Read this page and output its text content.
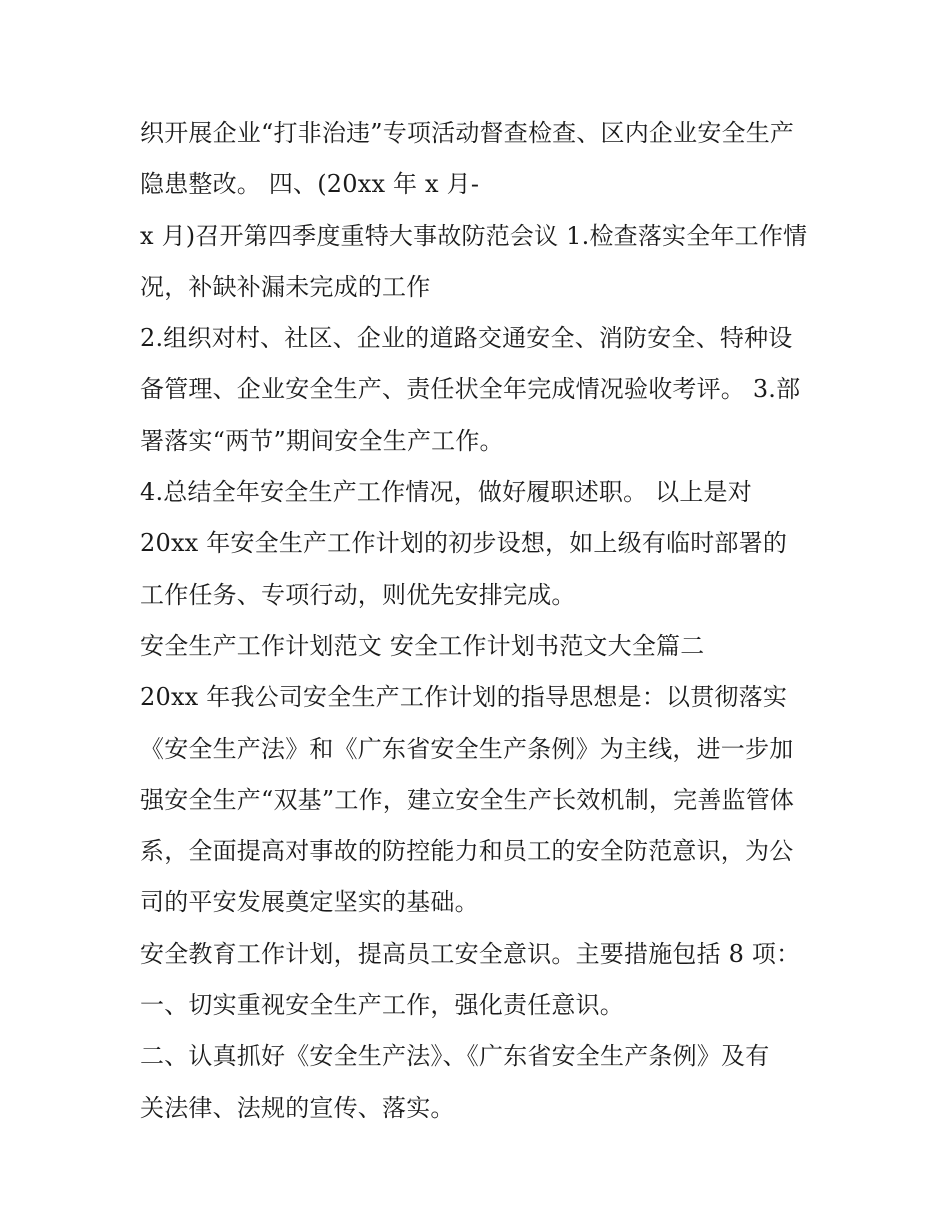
织开展企业“打非治违”专项活动督查检查、区内企业安全生产
隐患整改。 四、(20xx 年 x 月-
x 月)召开第四季度重特大事故防范会议 1.检查落实全年工作情
况，补缺补漏未完成的工作
2.组织对村、社区、企业的道路交通安全、消防安全、特种设
备管理、企业安全生产、责任状全年完成情况验收考评。 3.部
署落实“两节”期间安全生产工作。
4.总结全年安全生产工作情况，做好履职述职。 以上是对
20xx 年安全生产工作计划的初步设想，如上级有临时部署的
工作任务、专项行动，则优先安排完成。
安全生产工作计划范文 安全工作计划书范文大全篇二
20xx 年我公司安全生产工作计划的指导思想是：以贯彻落实
《安全生产法》和《广东省安全生产条例》为主线，进一步加
强安全生产“双基”工作，建立安全生产长效机制，完善监管体
系，全面提高对事故的防控能力和员工的安全防范意识，为公
司的平安发展奠定坚实的基础。
安全教育工作计划，提高员工安全意识。主要措施包括 8 项：
一、切实重视安全生产工作，强化责任意识。
二、认真抓好《安全生产法》、《广东省安全生产条例》及有
关法律、法规的宣传、落实。
